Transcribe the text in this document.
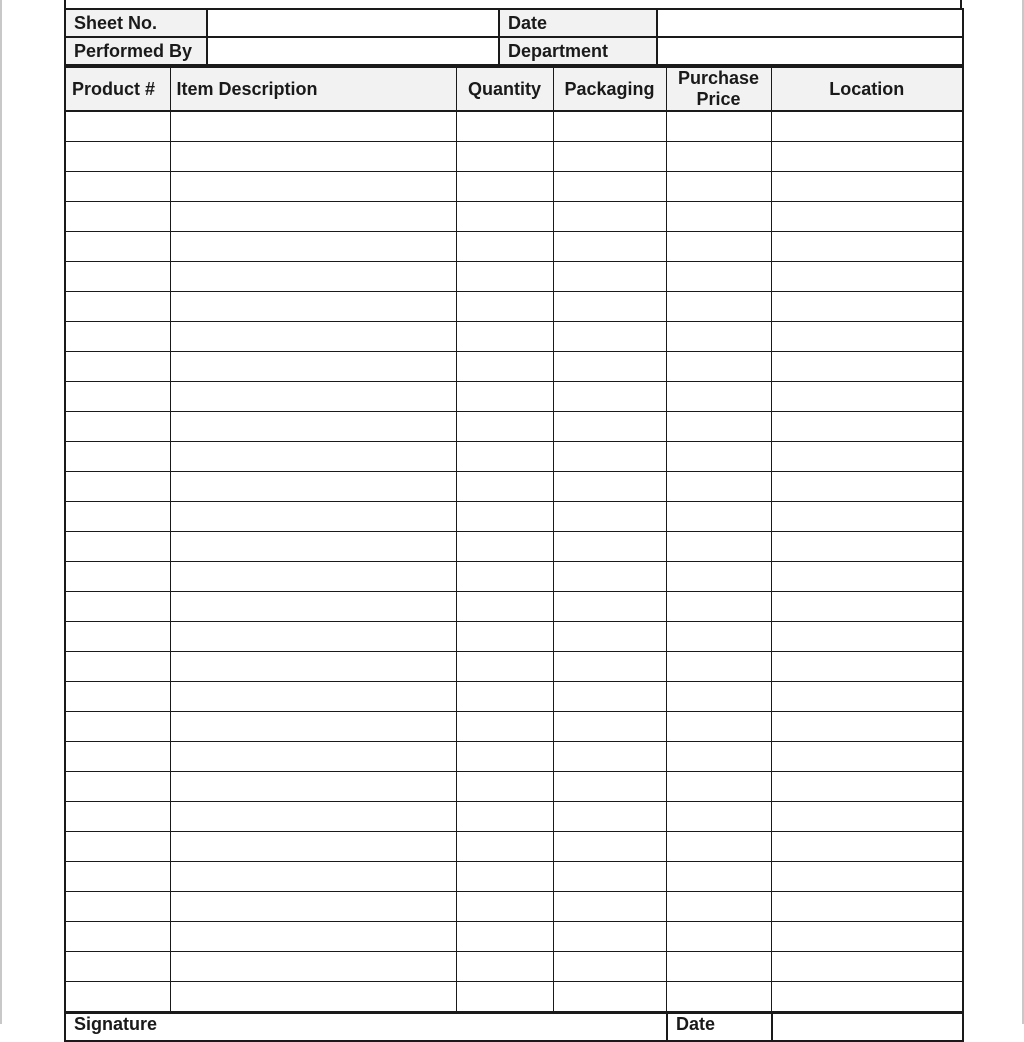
Sheet No.		Date	
Performed By		Department	
Product #	Item Description	Quantity	Packaging	Purchase Price	Location

Signature	Date	
